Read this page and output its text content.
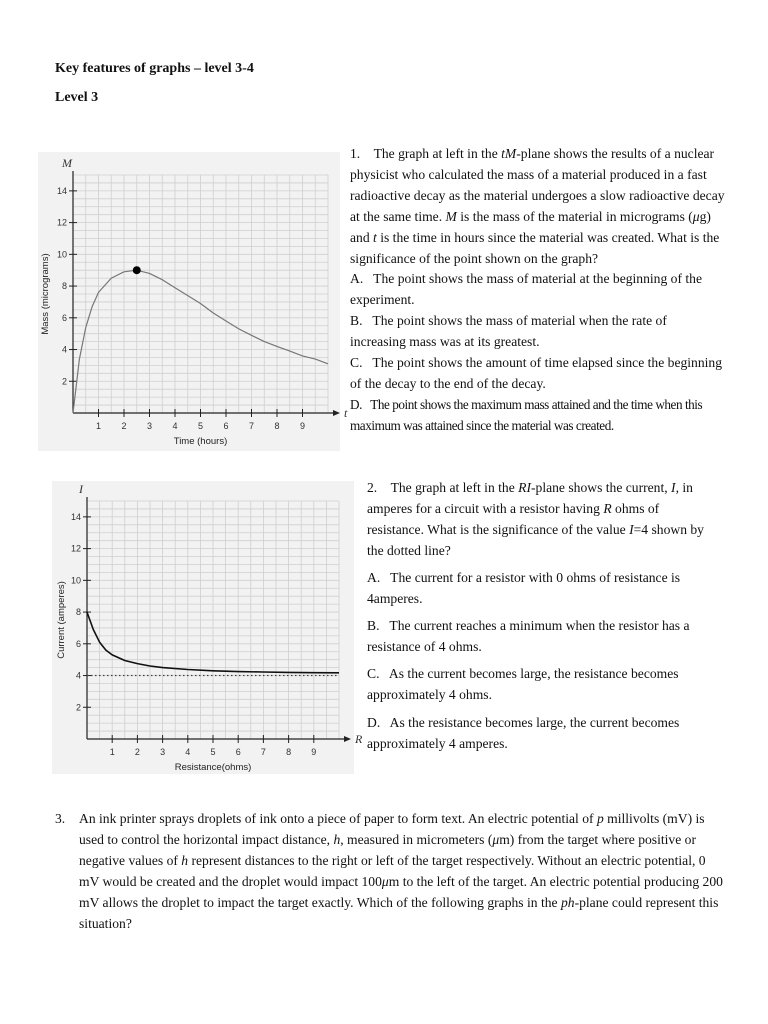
Key features of graphs – level 3-4
Level 3
1 2 3 4 5 6 7 8 9
2
4
6
8
10
12
14
t
M
Time (hours)
Mass (micrograms)

1. The graph at left in the tM-plane shows the results of a nuclear physicist who calculated the mass of a material produced in a fast radioactive decay as the material undergoes a slow radioactive decay at the same time. M is the mass of the material in micrograms (μg) and t is the time in hours since the material was created. What is the significance of the point shown on the graph?

A. The point shows the mass of material at the beginning of the experiment.

B. The point shows the mass of material when the rate of increasing mass was at its greatest.

C. The point shows the amount of time elapsed since the beginning of the decay to the end of the decay.

D. The point shows the maximum mass attained and the time when this maximum was attained since the material was created.

1 2 3 4 5 6 7 8 9
2
4
6
8
10
12
14
R
I
Resistance(ohms)
Current (amperes)

2. The graph at left in the RI-plane shows the current, I, in amperes for a circuit with a resistor having R ohms of resistance. What is the significance of the value I=4 shown by the dotted line?

A. The current for a resistor with 0 ohms of resistance is 4amperes.

B. The current reaches a minimum when the resistor has a resistance of 4 ohms.

C. As the current becomes large, the resistance becomes approximately 4 ohms.

D. As the resistance becomes large, the current becomes approximately 4 amperes.

3. An ink printer sprays droplets of ink onto a piece of paper to form text. An electric potential of p millivolts (mV) is used to control the horizontal impact distance, h, measured in micrometers (μm) from the target where positive or negative values of h represent distances to the right or left of the target respectively. Without an electric potential, 0 mV would be created and the droplet would impact 100μm to the left of the target. An electric potential producing 200 mV allows the droplet to impact the target exactly. Which of the following graphs in the ph-plane could represent this situation?
